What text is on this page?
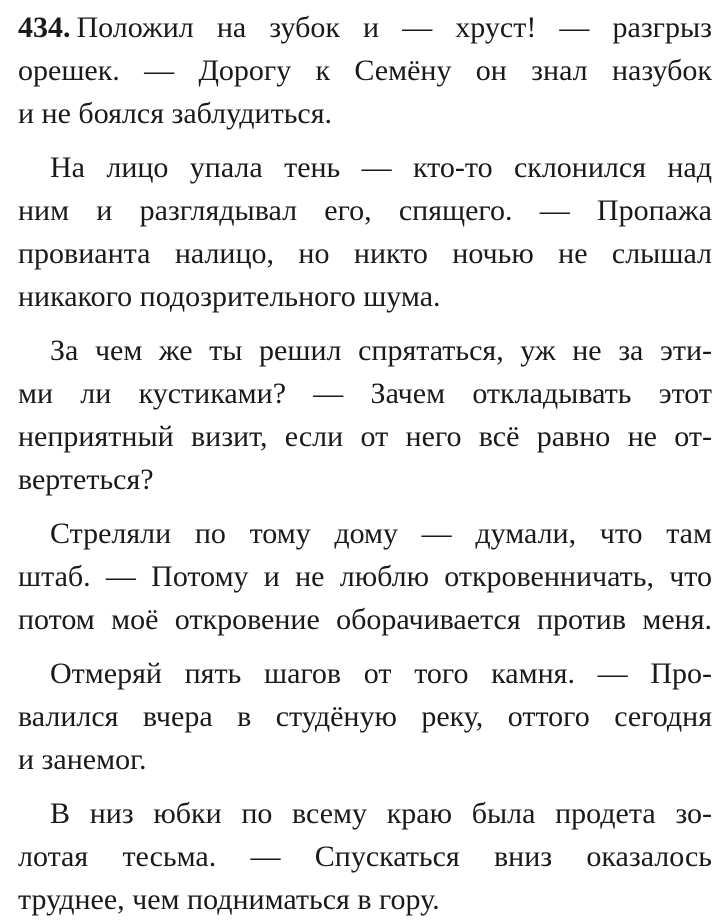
434. Положил на зубок и — хруст! — разгрыз
орешек. — Дорогу к Семёну он знал назубок
и не боялся заблудиться.
На лицо упала тень — кто-то склонился над
ним и разглядывал его, спящего. — Пропажа
провианта налицо, но никто ночью не слышал
никакого подозрительного шума.
За чем же ты решил спрятаться, уж не за эти-
ми ли кустиками? — Зачем откладывать этот
неприятный визит, если от него всё равно не от-
вертеться?
Стреляли по тому дому — думали, что там
штаб. — Потому и не люблю откровенничать, что
потом моё откровение оборачивается против меня.
Отмеряй пять шагов от того камня. — Про-
валился вчера в студёную реку, оттого сегодня
и занемог.
В низ юбки по всему краю была продета зо-
лотая тесьма. — Спускаться вниз оказалось
труднее, чем подниматься в гору.
